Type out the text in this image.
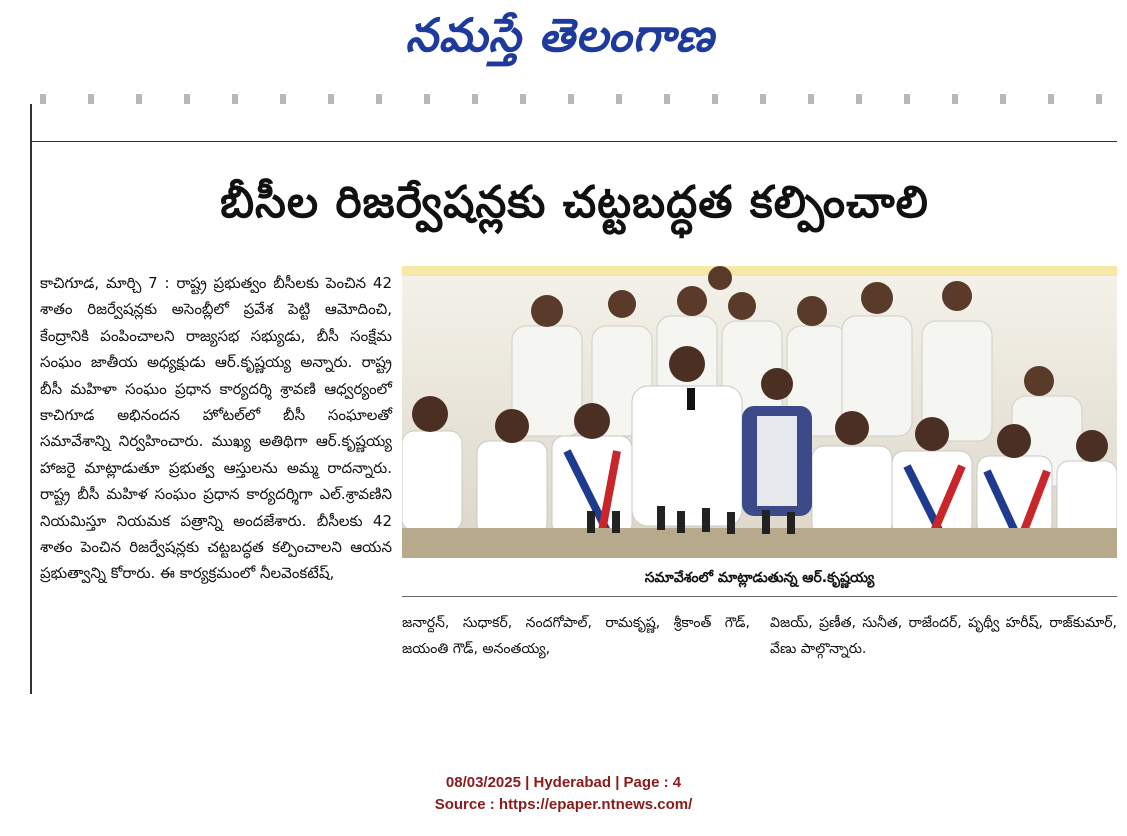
నమస్తే తెలంగాణ
బీసీల రిజర్వేషన్లకు చట్టబద్ధత కల్పించాలి

కాచిగూడ, మార్చి 7 : రాష్ట్ర ప్రభుత్వం బీసీలకు పెంచిన 42 శాతం రిజర్వేషన్లకు అసెంబ్లీలో ప్రవేశ పెట్టి ఆమోదించి, కేంద్రానికి పంపించాలని రాజ్యసభ సభ్యుడు, బీసీ సంక్షేమ సంఘం జాతీయ అధ్యక్షుడు ఆర్.కృష్ణయ్య అన్నారు. రాష్ట్ర బీసీ మహిళా సంఘం ప్రధాన కార్యదర్శి శ్రావణి ఆధ్వర్యంలో కాచిగూడ అభినందన హోటల్‌లో బీసీ సంఘాలతో సమావేశాన్ని నిర్వహించారు. ముఖ్య అతిథిగా ఆర్.కృష్ణయ్య హాజరై మాట్లాడుతూ ప్రభుత్వ ఆస్తులను అమ్మ రాదన్నారు. రాష్ట్ర బీసీ మహిళ సంఘం ప్రధాన కార్యదర్శిగా ఎల్.శ్రావణిని నియమిస్తూ నియమక పత్రాన్ని అందజేశారు. బీసీలకు 42 శాతం పెంచిన రిజర్వేషన్లకు చట్టబద్ధత కల్పించాలని ఆయన ప్రభుత్వాన్ని కోరారు. ఈ కార్యక్రమంలో నీలవెంకటేష్,	సమావేశంలో మాట్లాడుతున్న ఆర్.కృష్ణయ్య

జనార్దన్, సుధాకర్, నందగోపాల్, రామకృష్ణ, శ్రీకాంత్ గౌడ్, జయంతి గౌడ్, అనంతయ్య,

విజయ్, ప్రణీత, సునీత, రాజేందర్, పృథ్వీ హరీష్, రాజ్‌కుమార్, వేణు పాల్గొన్నారు.

08/03/2025 | Hyderabad | Page : 4
Source : https://epaper.ntnews.com/
